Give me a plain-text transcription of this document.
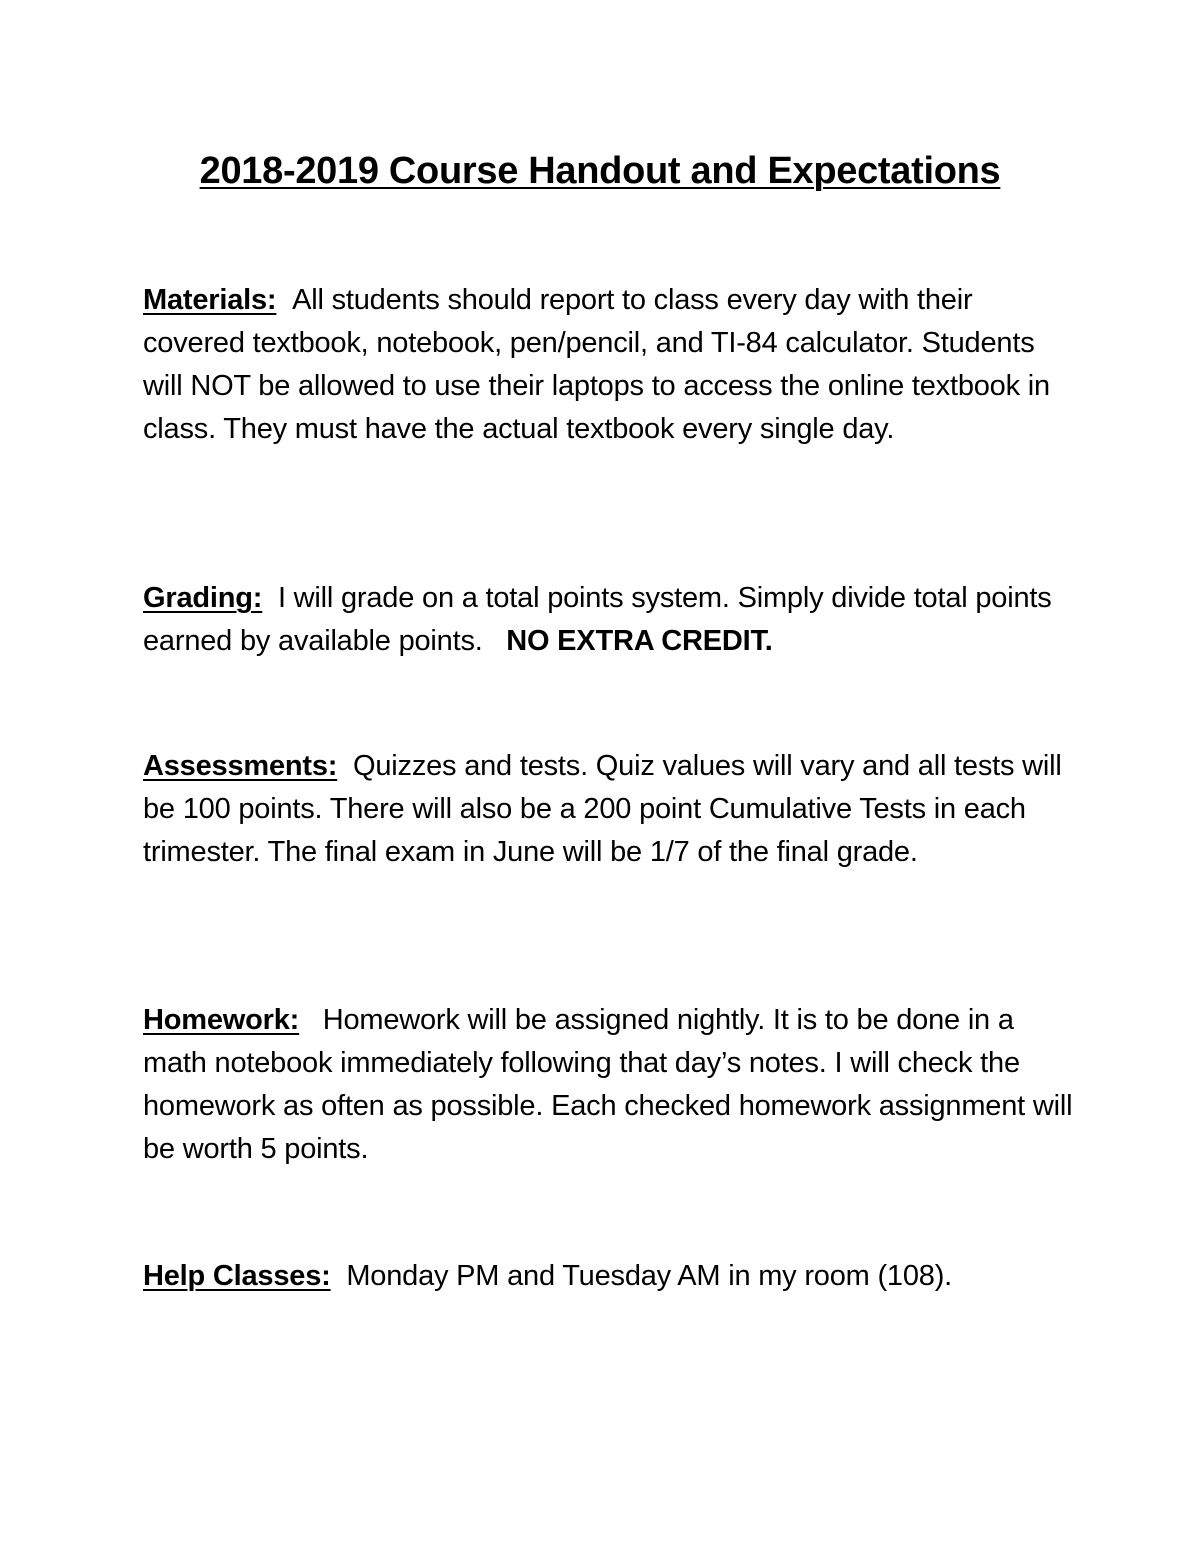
2018-2019 Course Handout and Expectations

Materials: All students should report to class every day with their covered textbook, notebook, pen/pencil, and TI-84 calculator. Students will NOT be allowed to use their laptops to access the online textbook in class. They must have the actual textbook every single day.

Grading: I will grade on a total points system. Simply divide total points earned by available points. NO EXTRA CREDIT.

Assessments: Quizzes and tests. Quiz values will vary and all tests will be 100 points. There will also be a 200 point Cumulative Tests in each trimester. The final exam in June will be 1/7 of the final grade.

Homework: Homework will be assigned nightly. It is to be done in a math notebook immediately following that day’s notes. I will check the homework as often as possible. Each checked homework assignment will be worth 5 points.

Help Classes: Monday PM and Tuesday AM in my room (108).
